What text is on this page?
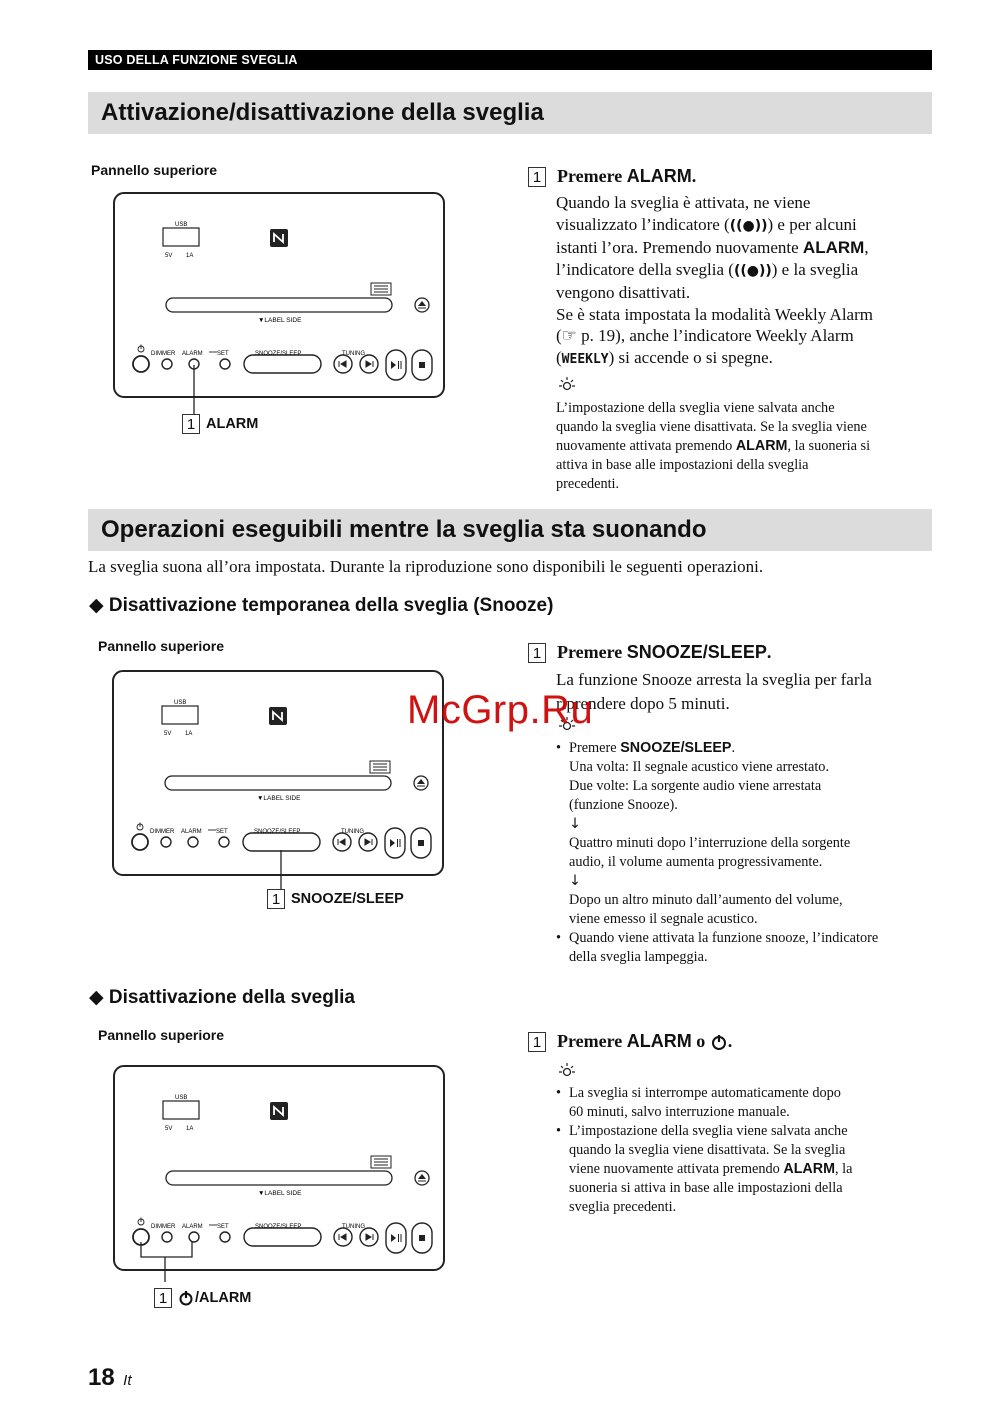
USO DELLA FUNZIONE SVEGLIA
Attivazione/disattivazione della sveglia
Pannello superiore
USB
5V 1A
▼LABEL SIDE
DIMMER ALARM SET	SNOOZE/SLEEP	TUNING
1 ALARM
1 Premere
ALARM .
Quando la sveglia è attivata, ne viene
visualizzato l’indicatore (((●))) e per alcuni
istanti l’ora. Premendo nuovamente ALARM,
l’indicatore della sveglia (((●))) e la sveglia
vengono disattivati.
Se è stata impostata la modalità Weekly Alarm
(☞ p. 19), anche l’indicatore Weekly Alarm
(WEEKLY) si accende o si spegne.
L’impostazione della sveglia viene salvata anche
quando la sveglia viene disattivata. Se la sveglia viene
nuovamente attivata premendo ALARM, la suoneria si
attiva in base alle impostazioni della sveglia
precedenti.
Operazioni eseguibili mentre la sveglia sta suonando
La sveglia suona all’ora impostata. Durante la riproduzione sono disponibili le seguenti operazioni.
◆ Disattivazione temporanea della sveglia (Snooze)
Pannello superiore
USB
5V 1A
▼LABEL SIDE
DIMMER ALARM SET	SNOOZE/SLEEP	TUNING
1 SNOOZE/SLEEP
1 Premere
SNOOZE/SLEEP .
La funzione Snooze arresta la sveglia per farla
riprendere dopo 5 minuti.
• Premere SNOOZE/SLEEP.
Una volta: Il segnale acustico viene arrestato.
Due volte: La sorgente audio viene arrestata
(funzione Snooze).
↓
Quattro minuti dopo l’interruzione della sorgente
audio, il volume aumenta progressivamente.
↓
Dopo un altro minuto dall’aumento del volume,
viene emesso il segnale acustico.
• Quando viene attivata la funzione snooze, l’indicatore
della sveglia lampeggia.
McGrp.Ru
◆ Disattivazione della sveglia
Pannello superiore
USB
5V 1A
▼LABEL SIDE
DIMMER ALARM SET	SNOOZE/SLEEP	TUNING
1	/ALARM
1 Premere
ALARM
o
.
• La sveglia si interrompe automaticamente dopo
60 minuti, salvo interruzione manuale.
• L’impostazione della sveglia viene salvata anche
quando la sveglia viene disattivata. Se la sveglia
viene nuovamente attivata premendo ALARM, la
suoneria si attiva in base alle impostazioni della
sveglia precedenti.
18 It
